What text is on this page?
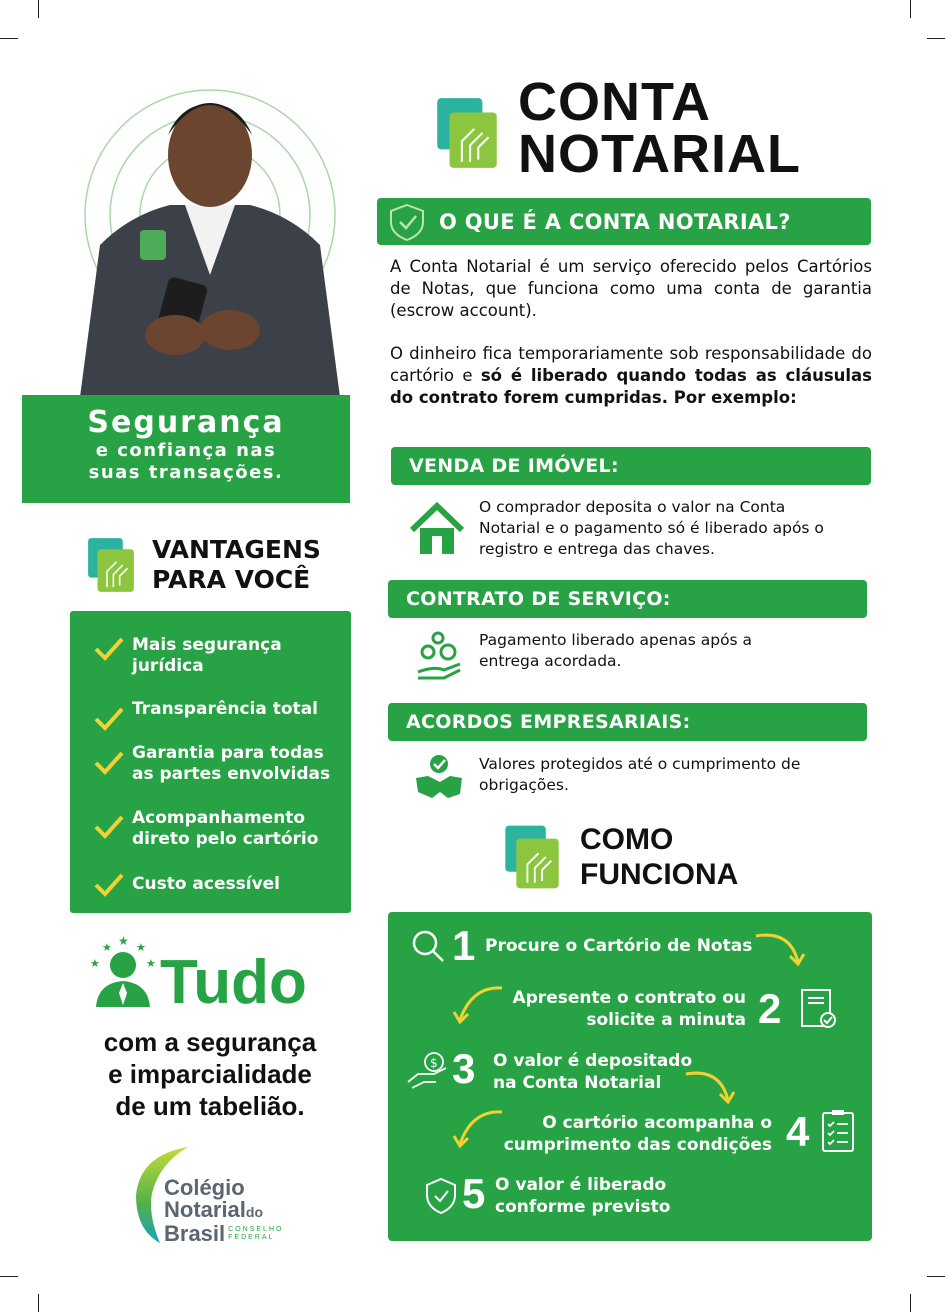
Segurança
e confiança nas
suas transações.
VANTAGENS
PARA VOCÊ
Mais segurança jurídica
Transparência total
Garantia para todas as partes envolvidas
Acompanhamento direto pelo cartório
Custo acessível
★
★ ★
★	★ Tudo
com a segurança
e imparcialidade
de um tabelião.
Colégio
Notarialdo
Brasil CONSELHO
FEDERAL
CONTA
NOTARIAL
O QUE É A CONTA NOTARIAL?
A Conta Notarial é um serviço oferecido pelos Cartórios de Notas, que funciona como uma conta de garantia (escrow account).
O dinheiro fica temporariamente sob responsabilidade do cartório e só é liberado quando todas as cláusulas do contrato forem cumpridas. Por exemplo:
VENDA DE IMÓVEL:
O comprador deposita o valor na Conta Notarial e o pagamento só é liberado após o registro e entrega das chaves.
CONTRATO DE SERVIÇO:
Pagamento liberado apenas após a entrega acordada.
ACORDOS EMPRESARIAIS:
Valores protegidos até o cumprimento de obrigações.
COMO
FUNCIONA
1 Procure o Cartório de Notas
Apresente o contrato ou
solicite a minuta 2
$ 3 O valor é depositado
na Conta Notarial
O cartório acompanha o
cumprimento das condições 4
5 O valor é liberado
conforme previsto
